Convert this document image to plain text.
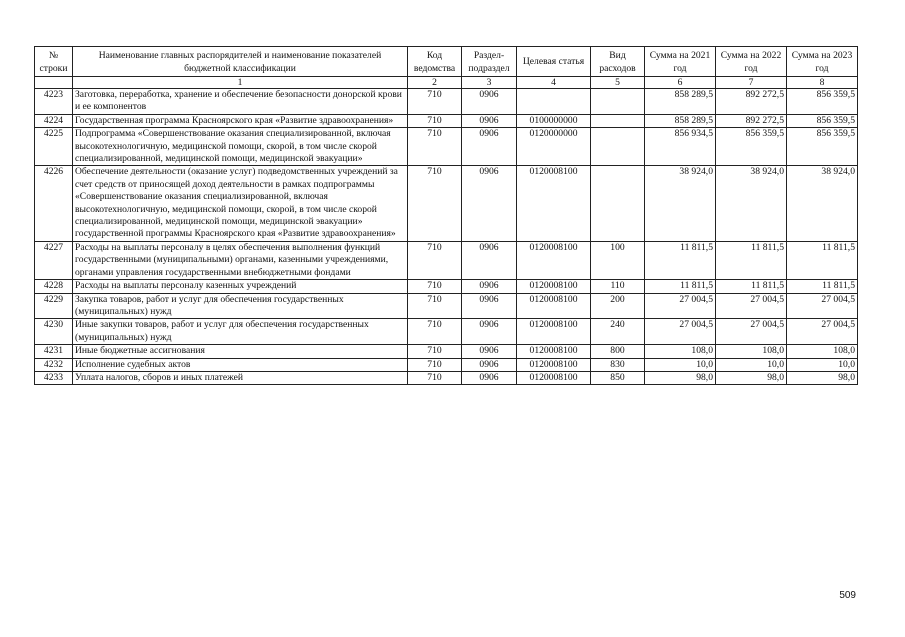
№ строки	Наименование главных распорядителей и наименование показателей бюджетной классификации	Код ведомства	Раздел-подраздел	Целевая статья	Вид расходов	Сумма на 2021 год	Сумма на 2022 год	Сумма на 2023 год
	1	2	3	4	5	6	7	8
4223	Заготовка, переработка, хранение и обеспечение безопасности донорской крови и ее компонентов	710	0906			858 289,5	892 272,5	856 359,5
4224	Государственная программа Красноярского края «Развитие здравоохранения»	710	0906	0100000000		858 289,5	892 272,5	856 359,5
4225	Подпрограмма «Совершенствование оказания специализированной, включая высокотехнологичную, медицинской помощи, скорой, в том числе скорой специализированной, медицинской помощи, медицинской эвакуации»	710	0906	0120000000		856 934,5	856 359,5	856 359,5
4226	Обеспечение деятельности (оказание услуг) подведомственных учреждений за счет средств от приносящей доход деятельности в рамках подпрограммы «Совершенствование оказания специализированной, включая высокотехнологичную, медицинской помощи, скорой, в том числе скорой специализированной, медицинской помощи, медицинской эвакуации» государственной программы Красноярского края «Развитие здравоохранения»	710	0906	0120008100		38 924,0	38 924,0	38 924,0
4227	Расходы на выплаты персоналу в целях обеспечения выполнения функций государственными (муниципальными) органами, казенными учреждениями, органами управления государственными внебюджетными фондами	710	0906	0120008100	100	11 811,5	11 811,5	11 811,5
4228	Расходы на выплаты персоналу казенных учреждений	710	0906	0120008100	110	11 811,5	11 811,5	11 811,5
4229	Закупка товаров, работ и услуг для обеспечения государственных (муниципальных) нужд	710	0906	0120008100	200	27 004,5	27 004,5	27 004,5
4230	Иные закупки товаров, работ и услуг для обеспечения государственных (муниципальных) нужд	710	0906	0120008100	240	27 004,5	27 004,5	27 004,5
4231	Иные бюджетные ассигнования	710	0906	0120008100	800	108,0	108,0	108,0
4232	Исполнение судебных актов	710	0906	0120008100	830	10,0	10,0	10,0
4233	Уплата налогов, сборов и иных платежей	710	0906	0120008100	850	98,0	98,0	98,0
509
